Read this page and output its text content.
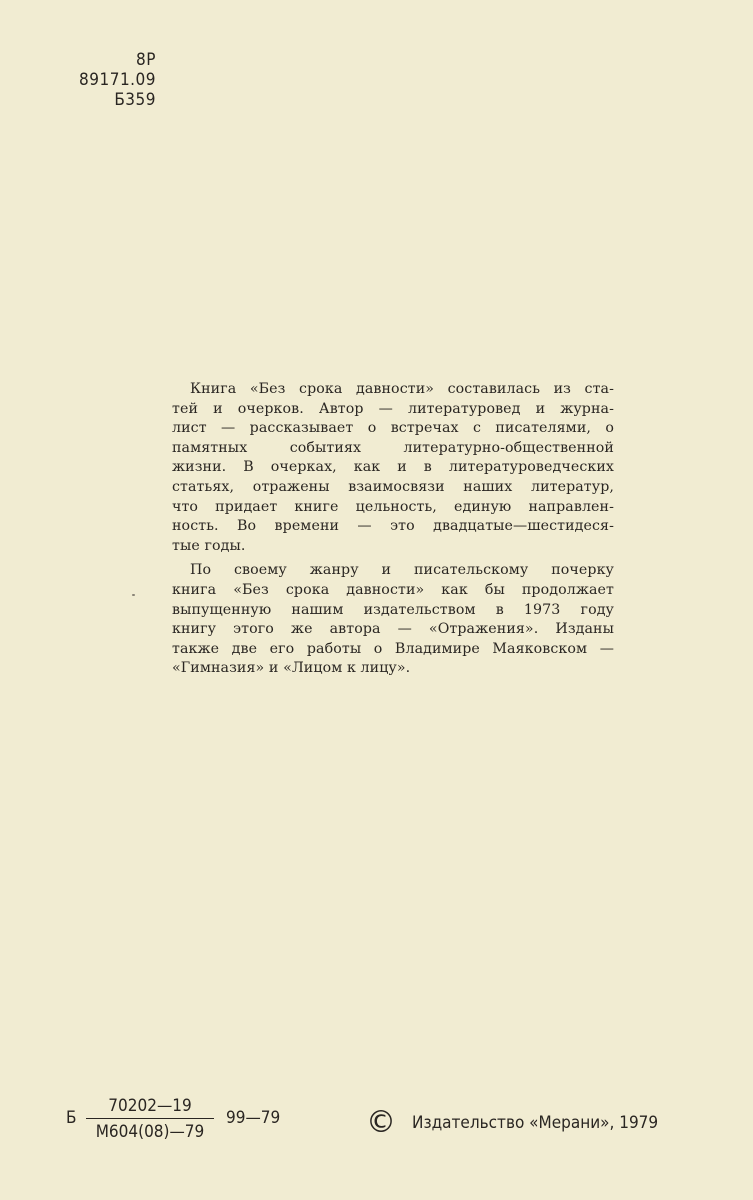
8Р
89171.09
Б359

Книга «Без срока давности» составилась из ста-
тей и очерков. Автор — литературовед и журна-
лист — рассказывает о встречах с писателями, о
памятных событиях литературно-общественной
жизни. В очерках, как и в литературоведческих
статьях, отражены взаимосвязи наших литератур,
что придает книге цельность, единую направлен-
ность. Во времени — это двадцатые—шестидеся-
тые годы.

По своему жанру и писательскому почерку
книга «Без срока давности» как бы продолжает
выпущенную нашим издательством в 1973 году
книгу этого же автора — «Отражения». Изданы
также две его работы о Владимире Маяковском —
«Гимназия» и «Лицом к лицу».

Б
70202—19
М604(08)—79
99—79	© Издательство «Мерани», 1979
